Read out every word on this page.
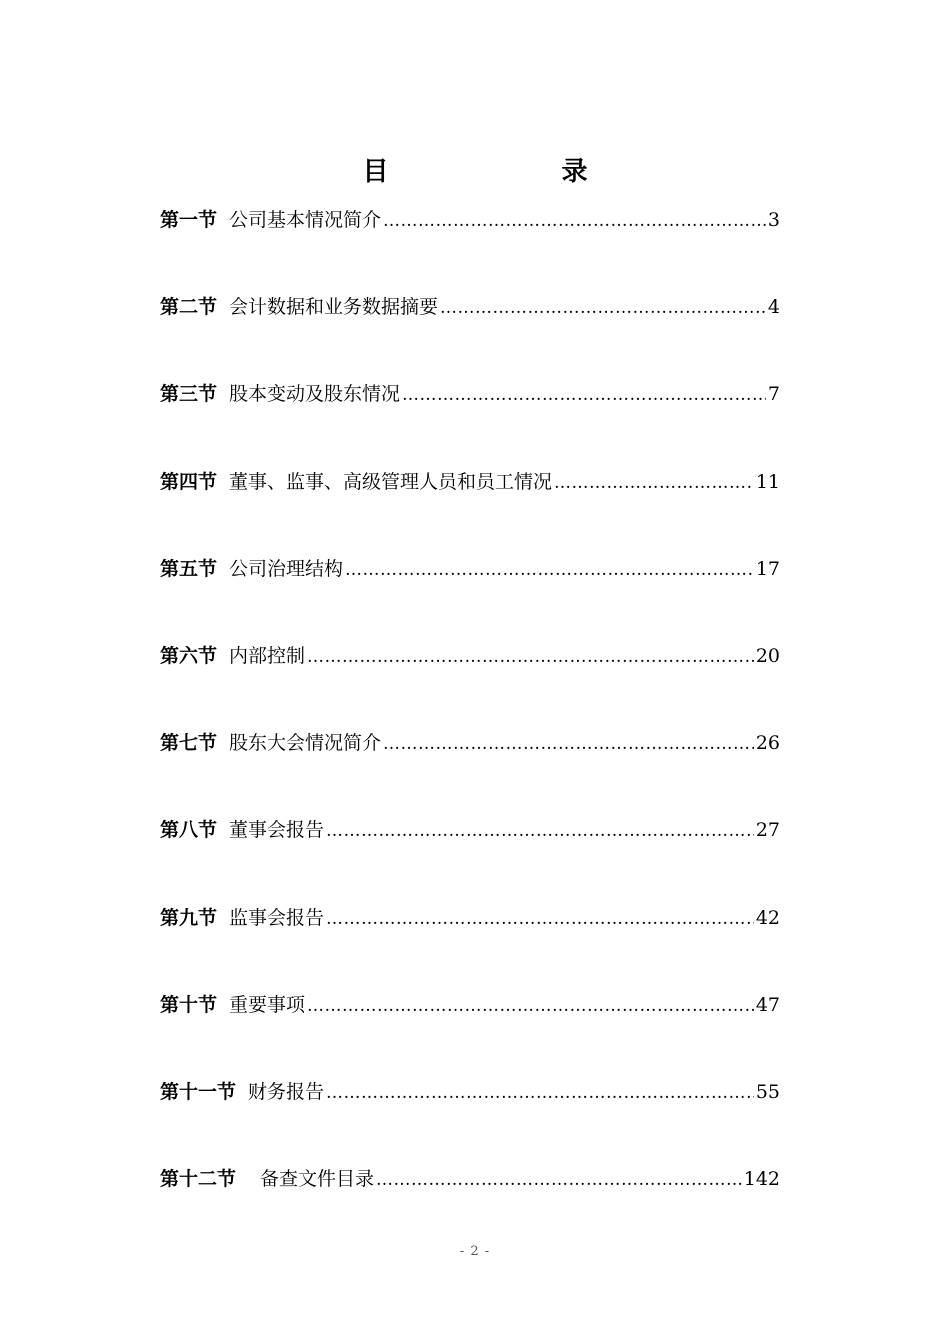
目 录
第一节 公司基本情况简介 ………………………………………………………………………………………………………………………………	3
第二节 会计数据和业务数据摘要 ………………………………………………………………………………………………………………………………	4
第三节 股本变动及股东情况 ………………………………………………………………………………………………………………………………	7
第四节 董事、监事、高级管理人员和员工情况 ………………………………………………………………………………………………………………………………	11
第五节 公司治理结构 ………………………………………………………………………………………………………………………………	17
第六节 内部控制 ………………………………………………………………………………………………………………………………	20
第七节 股东大会情况简介 ………………………………………………………………………………………………………………………………	26
第八节 董事会报告 ………………………………………………………………………………………………………………………………	27
第九节 监事会报告 ………………………………………………………………………………………………………………………………	42
第十节 重要事项 ………………………………………………………………………………………………………………………………	47
第十一节 财务报告 ………………………………………………………………………………………………………………………………	55
第十二节 备查文件目录 ………………………………………………………………………………………………………………………………	142
- 2 -
